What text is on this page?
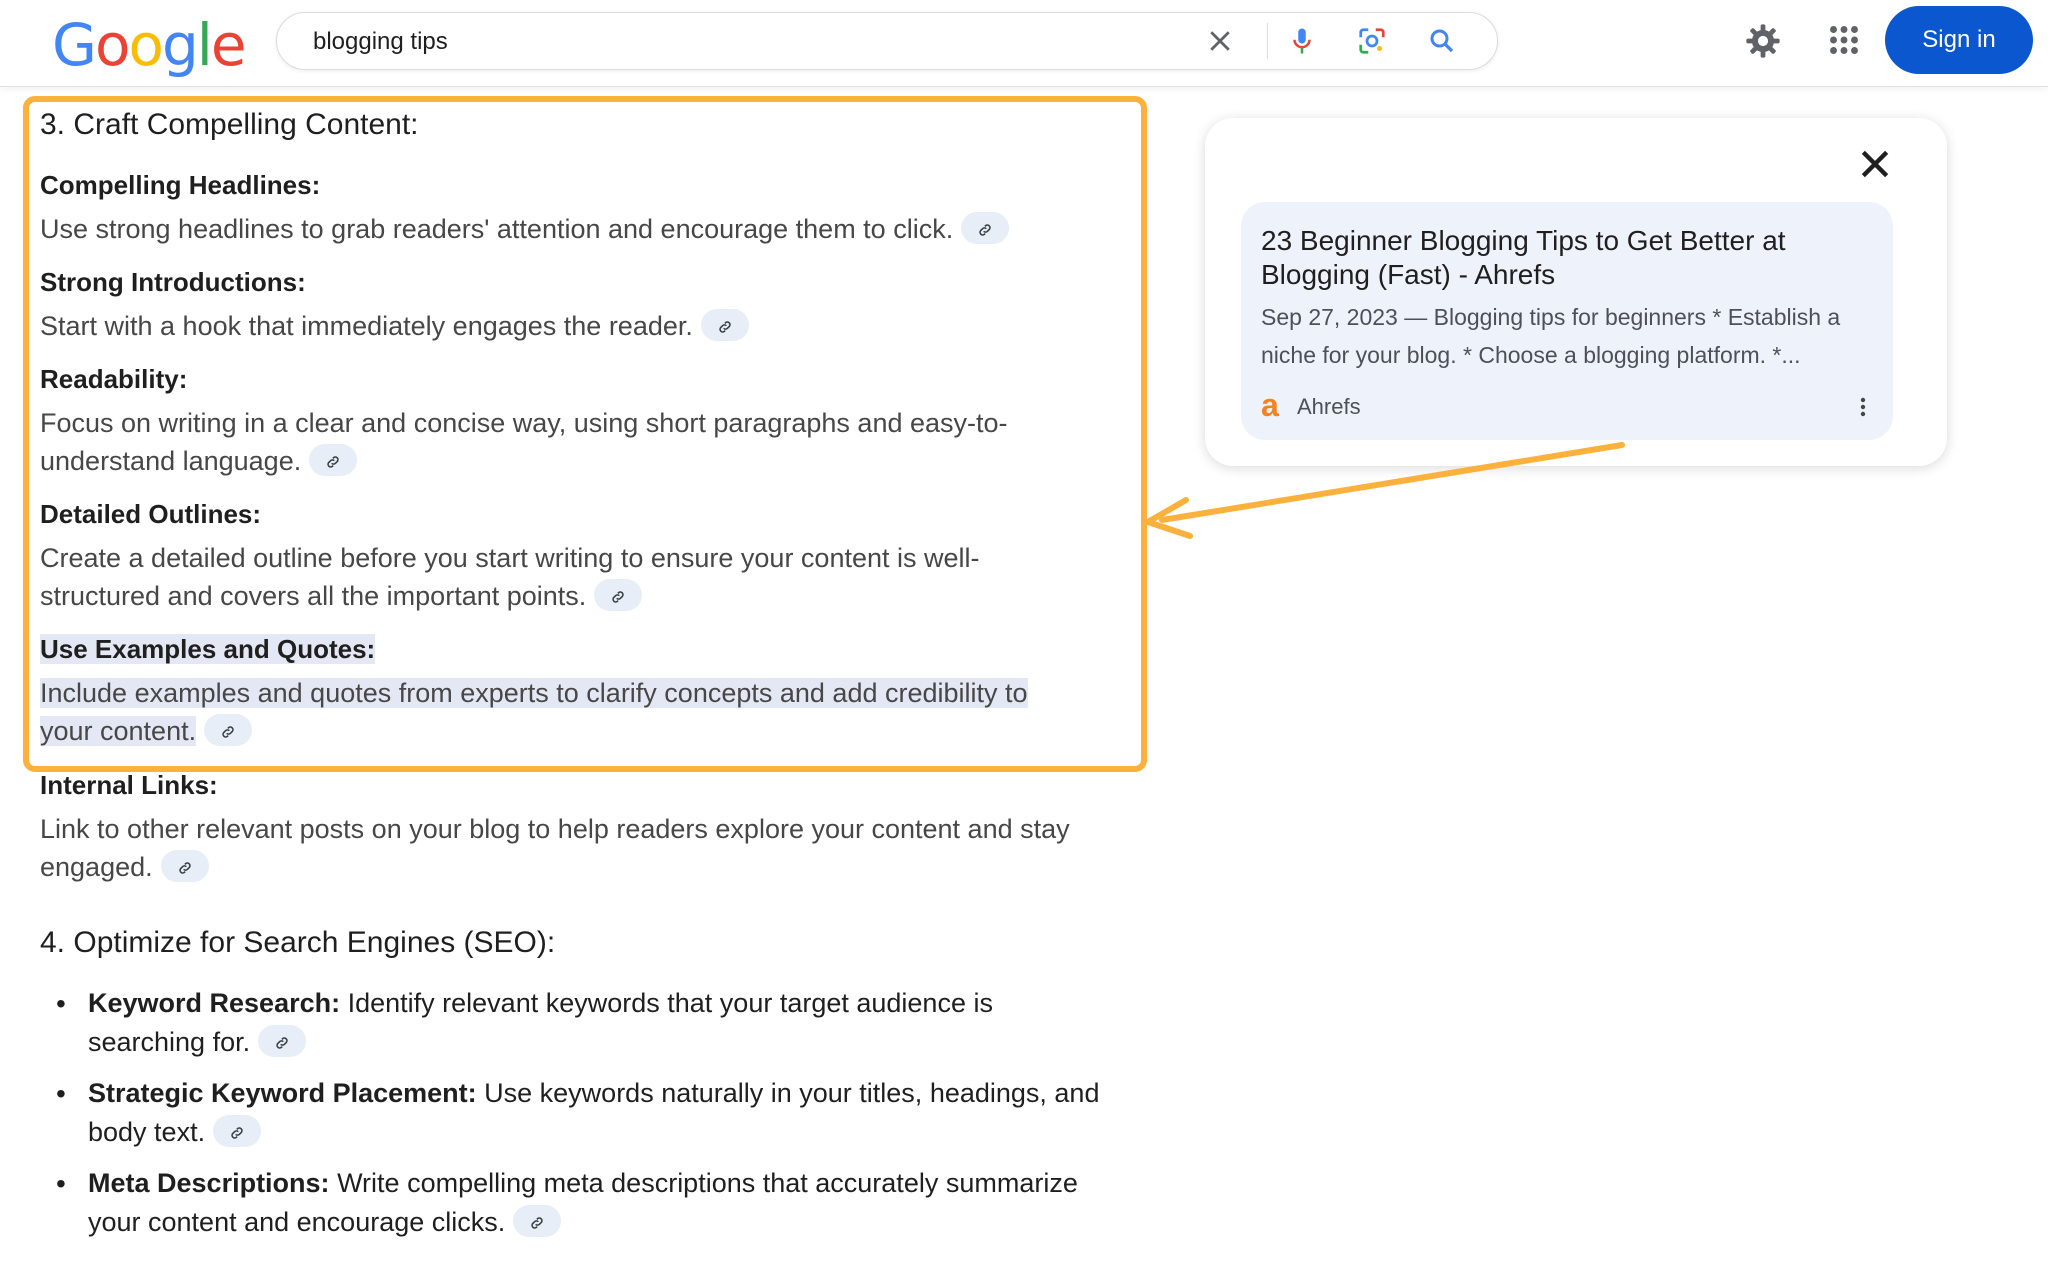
Google
blogging tips	Sign in
3. Craft Compelling Content:
Compelling Headlines:
Use strong headlines to grab readers' attention and encourage them to click.
Strong Introductions:
Start with a hook that immediately engages the reader.
Readability:
Focus on writing in a clear and concise way, using short paragraphs and easy-to-
understand language.
Detailed Outlines:
Create a detailed outline before you start writing to ensure your content is well-
structured and covers all the important points.
Use Examples and Quotes:
Include examples and quotes from experts to clarify concepts and add credibility to
your content.
Internal Links:
Link to other relevant posts on your blog to help readers explore your content and stay
engaged.
4. Optimize for Search Engines (SEO):
• Keyword Research: Identify relevant keywords that your target audience is
searching for.
• Strategic Keyword Placement: Use keywords naturally in your titles, headings, and
body text.
• Meta Descriptions: Write compelling meta descriptions that accurately summarize
your content and encourage clicks.
23 Beginner Blogging Tips to Get Better at Blogging (Fast) - Ahrefs
Sep 27, 2023 — Blogging tips for beginners * Establish a niche for your blog. * Choose a blogging platform. *...
a Ahrefs
